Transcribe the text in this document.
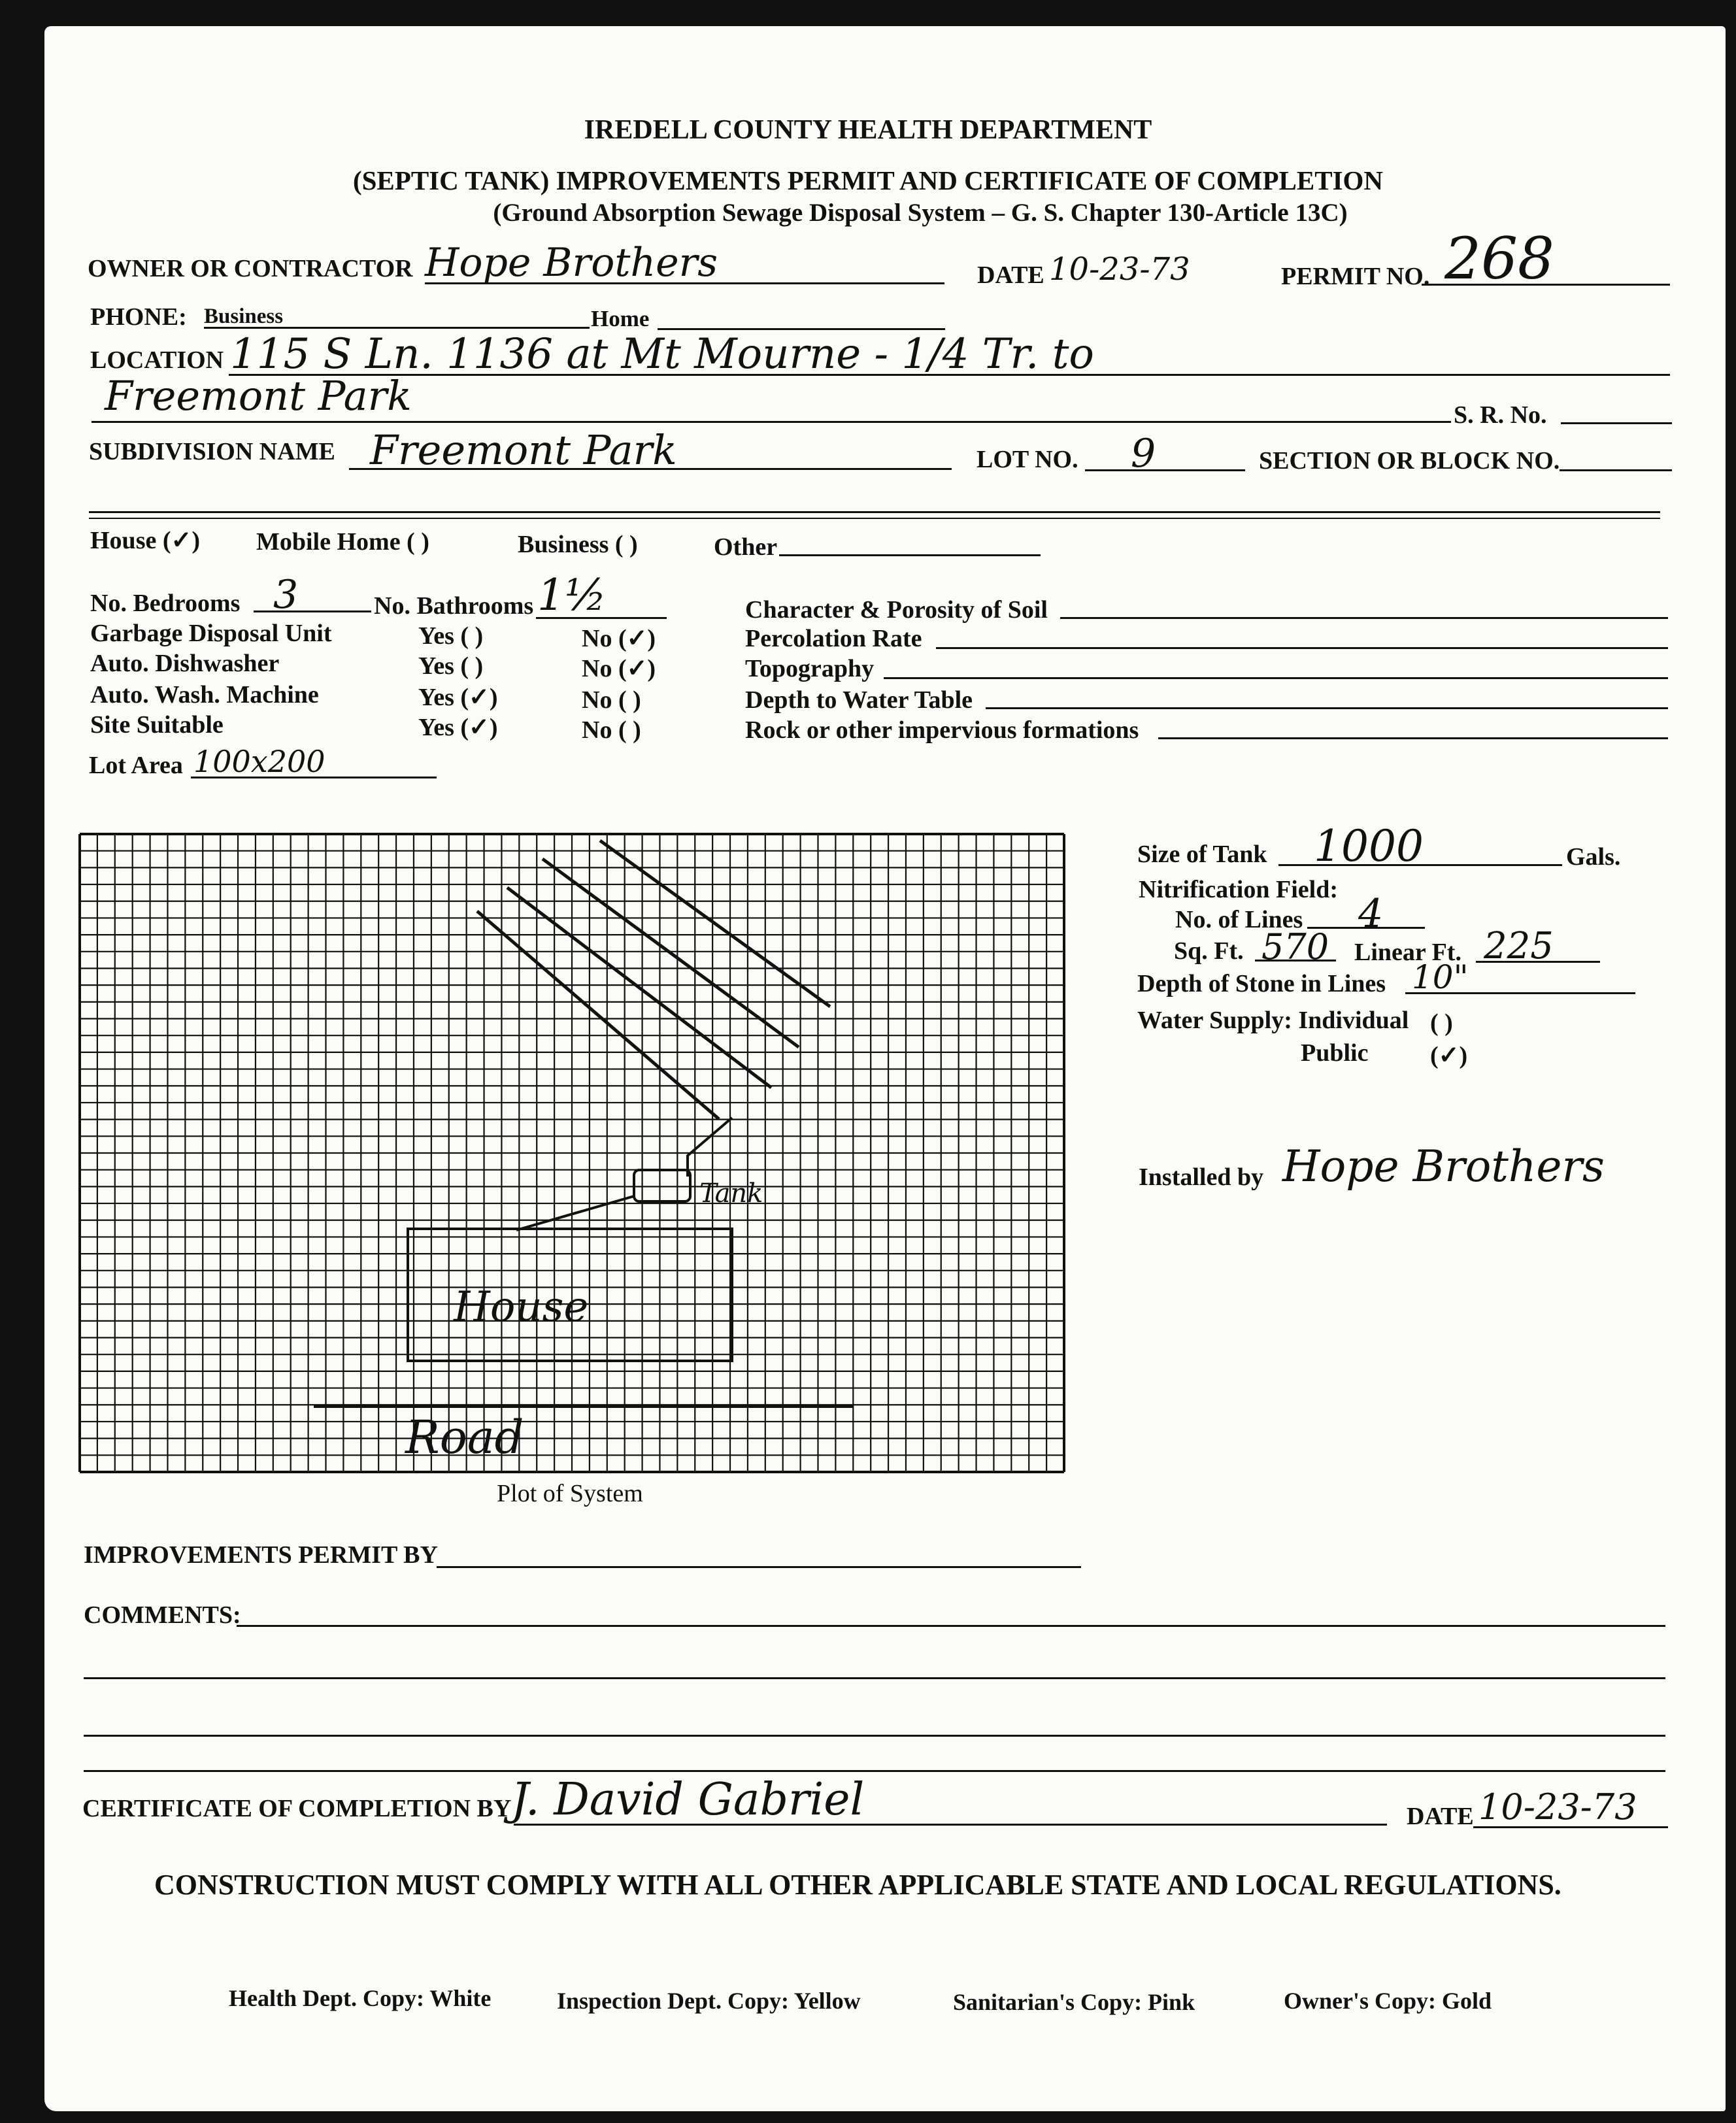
IREDELL COUNTY HEALTH DEPARTMENT
(SEPTIC TANK) IMPROVEMENTS PERMIT AND CERTIFICATE OF COMPLETION
(Ground Absorption Sewage Disposal System – G. S. Chapter 130-Article 13C)
OWNER OR CONTRACTOR Hope Brothers	DATE 10-23-73	PERMIT NO. 268
PHONE: Business	Home
LOCATION 115 S Ln. 1136 at Mt Mourne - 1/4 Tr. to
Freemont Park	S. R. No.
SUBDIVISION NAME Freemont Park	LOT NO. 9	SECTION OR BLOCK NO.
House (✓) Mobile Home ( )	Business ( )	Other
No. Bedrooms 3	No. Bathrooms 1½
Garbage Disposal Unit	Yes ( )	No (✓)
Auto. Dishwasher	Yes ( )	No (✓)
Auto. Wash. Machine	Yes (✓)	No ( )
Site Suitable	Yes (✓)	No ( )
Character & Porosity of Soil
Percolation Rate
Topography
Depth to Water Table
Rock or other impervious formations
Lot Area 100x200
Tank
House
Road
Plot of System
Size of Tank 1000	Gals.
Nitrification Field:
No. of Lines 4
Sq. Ft. 570 Linear Ft. 225
Depth of Stone in Lines 10"
Water Supply: Individual ( )
Public (✓)
Installed by Hope Brothers
IMPROVEMENTS PERMIT BY
COMMENTS:
CERTIFICATE OF COMPLETION BY J. David Gabriel	DATE 10-23-73
CONSTRUCTION MUST COMPLY WITH ALL OTHER APPLICABLE STATE AND LOCAL REGULATIONS.
Health Dept. Copy: White	Inspection Dept. Copy: Yellow	Sanitarian's Copy: Pink	Owner's Copy: Gold
